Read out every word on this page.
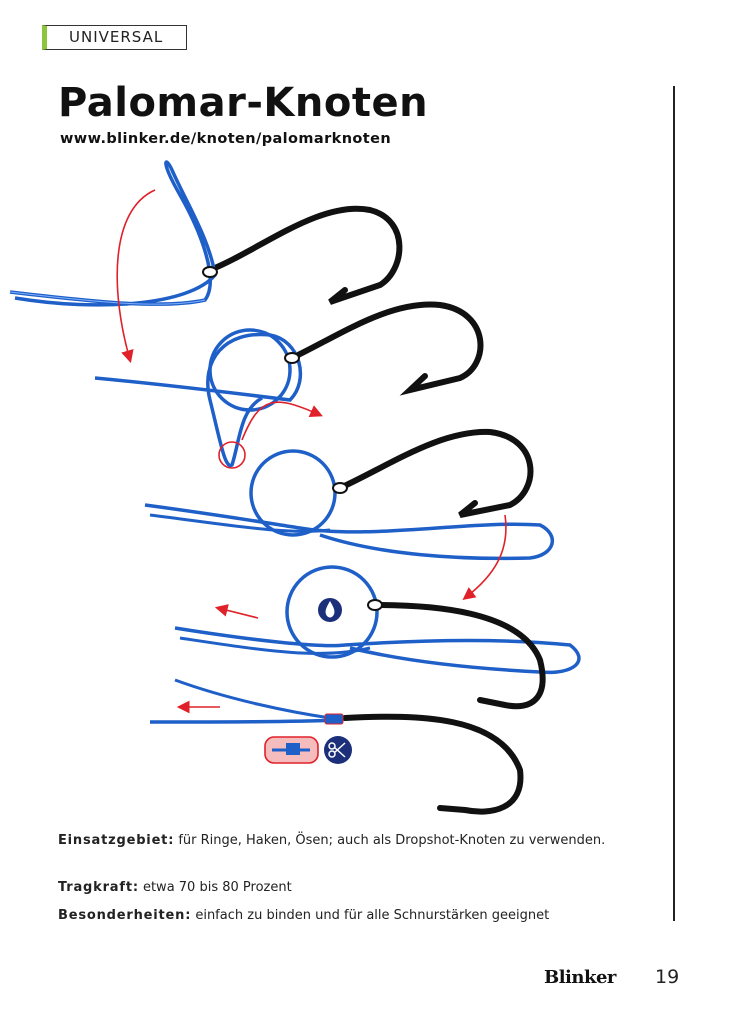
UNIVERSAL
Palomar-Knoten
www.blinker.de/knoten/palomarknoten
Einsatzgebiet: für Ringe, Haken, Ösen; auch als Dropshot-Knoten zu verwenden.
Tragkraft: etwa 70 bis 80 Prozent
Besonderheiten: einfach zu binden und für alle Schnurstärken geeignet
Blinker 19
